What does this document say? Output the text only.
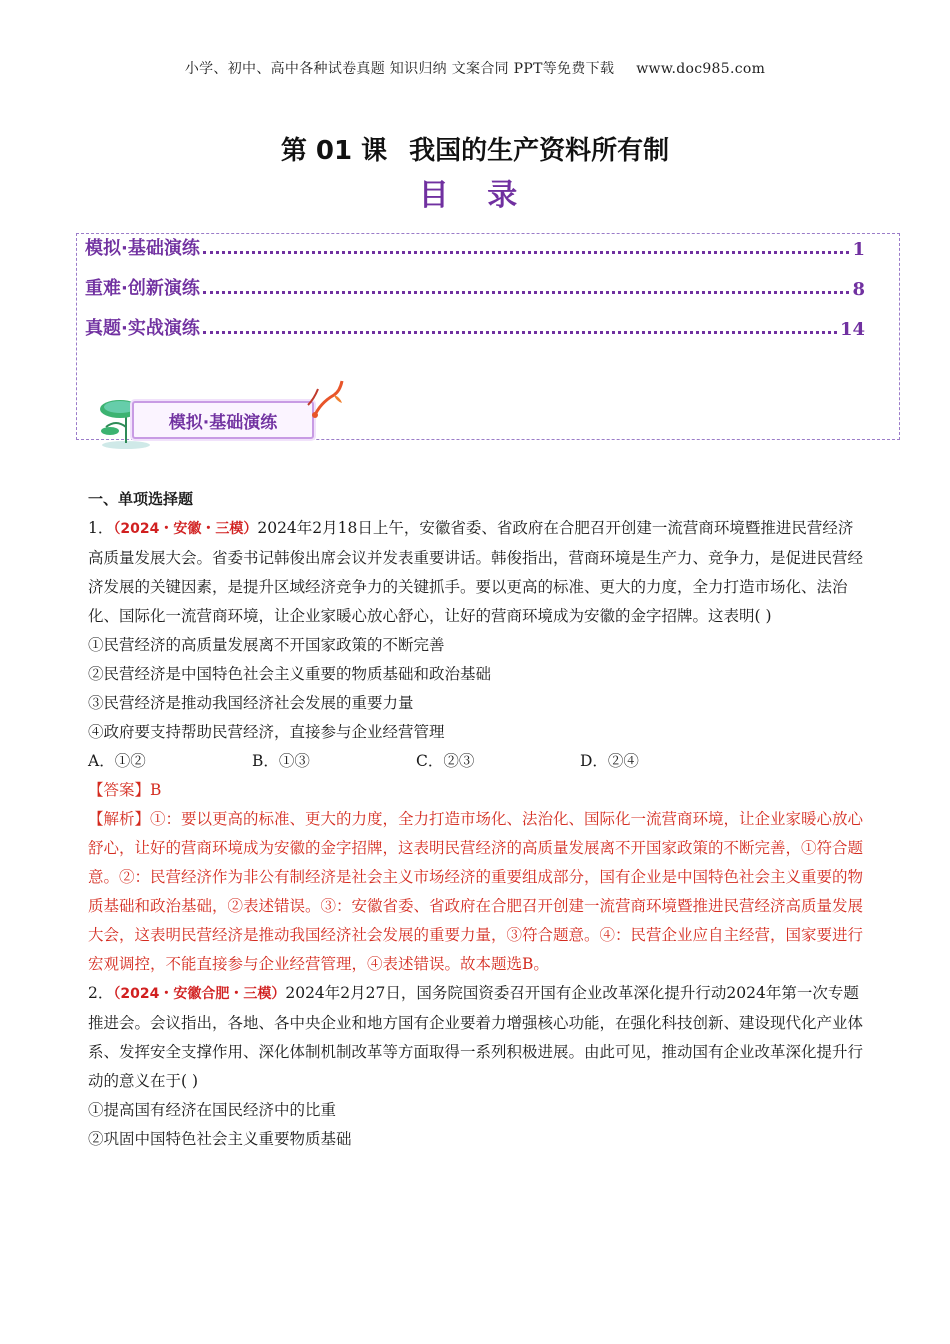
小学、初中、高中各种试卷真题 知识归纳 文案合同 PPT等免费下载 www.doc985.com
第 01 课 我国的生产资料所有制
目 录
模拟·基础演练	1
重难·创新演练	8
真题·实战演练	14
模拟·基础演练
一、单项选择题

1．（2024・安徽・三模）2024年2月18日上午，安徽省委、省政府在合肥召开创建一流营商环境暨推进民营经济高质量发展大会。省委书记韩俊出席会议并发表重要讲话。韩俊指出，营商环境是生产力、竞争力，是促进民营经济发展的关键因素，是提升区域经济竞争力的关键抓手。要以更高的标准、更大的力度，全力打造市场化、法治化、国际化一流营商环境，让企业家暖心放心舒心，让好的营商环境成为安徽的金字招牌。这表明( )

①民营经济的高质量发展离不开国家政策的不断完善

②民营经济是中国特色社会主义重要的物质基础和政治基础

③民营经济是推动我国经济社会发展的重要力量

④政府要支持帮助民营经济，直接参与企业经营管理

A．①②	B．①③	C．②③	D．②④

【答案】B

【解析】①：要以更高的标准、更大的力度，全力打造市场化、法治化、国际化一流营商环境，让企业家暖心放心舒心，让好的营商环境成为安徽的金字招牌，这表明民营经济的高质量发展离不开国家政策的不断完善，①符合题意。②：民营经济作为非公有制经济是社会主义市场经济的重要组成部分，国有企业是中国特色社会主义重要的物质基础和政治基础，②表述错误。③：安徽省委、省政府在合肥召开创建一流营商环境暨推进民营经济高质量发展大会，这表明民营经济是推动我国经济社会发展的重要力量，③符合题意。④：民营企业应自主经营，国家要进行宏观调控，不能直接参与企业经营管理，④表述错误。故本题选B。

2．（2024・安徽合肥・三模）2024年2月27日，国务院国资委召开国有企业改革深化提升行动2024年第一次专题推进会。会议指出，各地、各中央企业和地方国有企业要着力增强核心功能，在强化科技创新、建设现代化产业体系、发挥安全支撑作用、深化体制机制改革等方面取得一系列积极进展。由此可见，推动国有企业改革深化提升行动的意义在于( )

①提高国有经济在国民经济中的比重

②巩固中国特色社会主义重要物质基础
